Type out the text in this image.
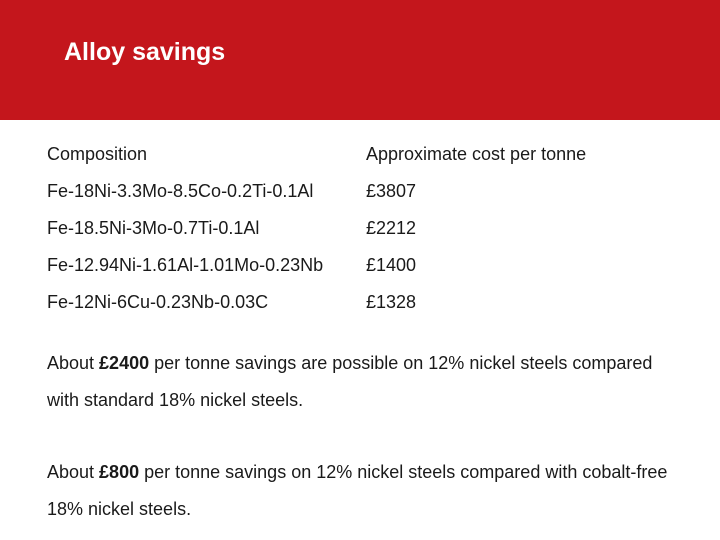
Alloy savings
Composition	Approximate cost per tonne
Fe-18Ni-3.3Mo-8.5Co-0.2Ti-0.1Al	£3807
Fe-18.5Ni-3Mo-0.7Ti-0.1Al	£2212
Fe-12.94Ni-1.61Al-1.01Mo-0.23Nb	£1400
Fe-12Ni-6Cu-0.23Nb-0.03C	£1328

About £2400 per tonne savings are possible on 12% nickel steels compared with standard 18% nickel steels.

About £800 per tonne savings on 12% nickel steels compared with cobalt-free 18% nickel steels.
